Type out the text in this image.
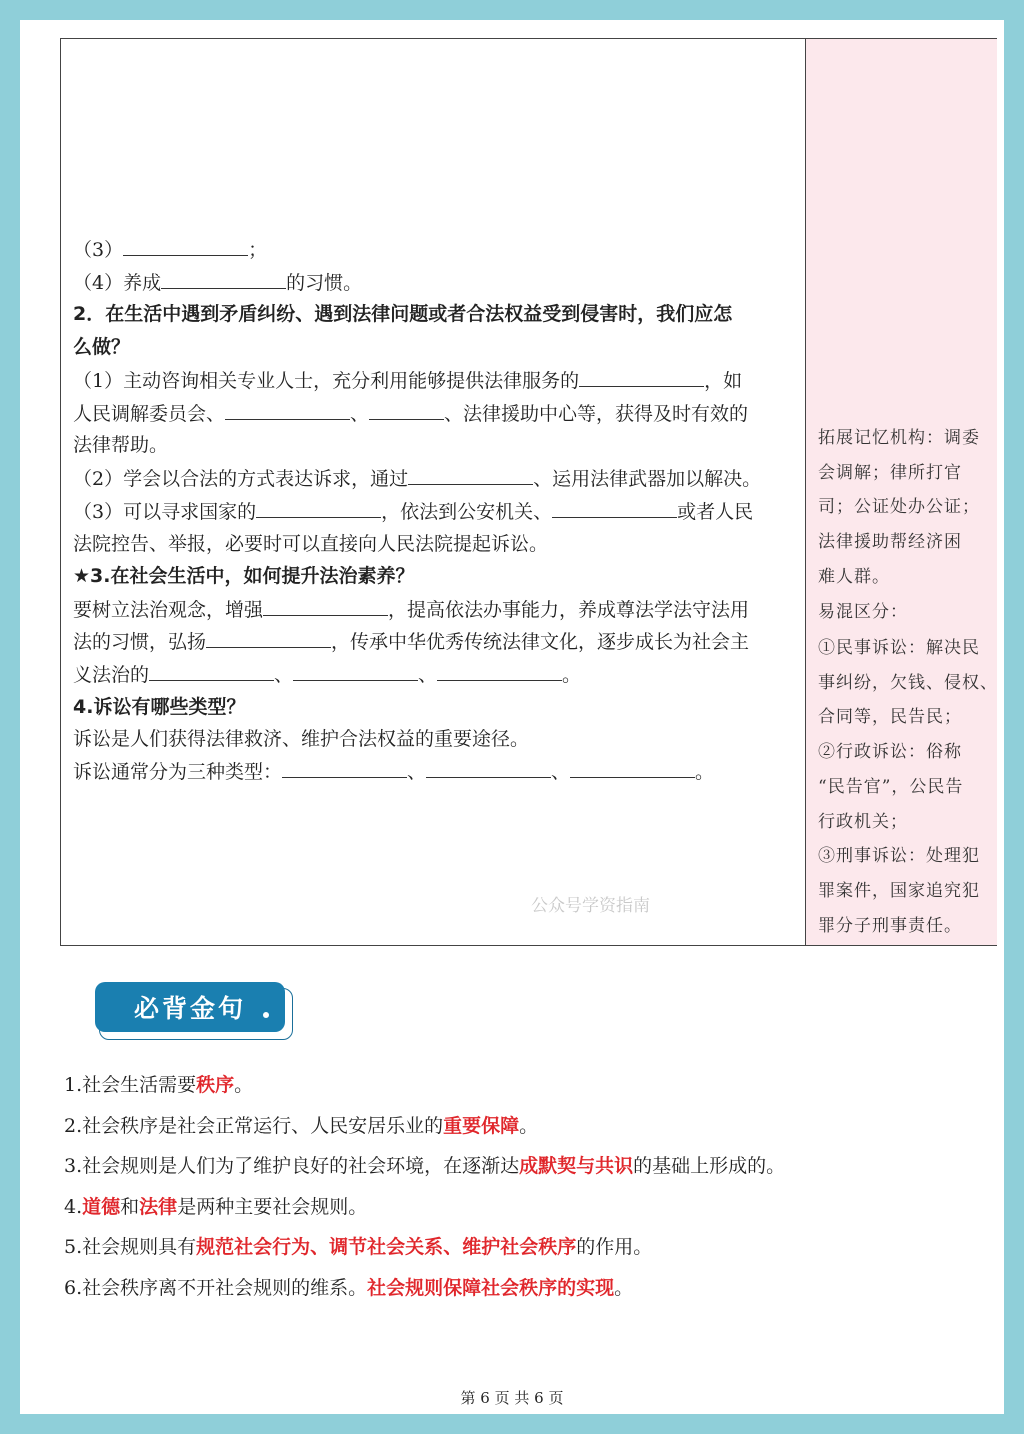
（3）	；
（4）养成	的习惯。
2．在生活中遇到矛盾纠纷、遇到法律问题或者合法权益受到侵害时，我们应怎
么做？
（1）主动咨询相关专业人士，充分利用能够提供法律服务的	，如
人民调解委员会、	、	、法律援助中心等，获得及时有效的
法律帮助。
（2）学会以合法的方式表达诉求，通过	、运用法律武器加以解决。
（3）可以寻求国家的	，依法到公安机关、	或者人民
法院控告、举报，必要时可以直接向人民法院提起诉讼。
★3.在社会生活中，如何提升法治素养？
要树立法治观念，增强	，提高依法办事能力，养成尊法学法守法用
法的习惯，弘扬	，传承中华优秀传统法律文化，逐步成长为社会主
义法治的	、	、	。
4.诉讼有哪些类型？
诉讼是人们获得法律救济、维护合法权益的重要途径。
诉讼通常分为三种类型：	、	、	。
拓展记忆机构：调委
会调解；律所打官
司；公证处办公证；
法律援助帮经济困
难人群。
易混区分：
①民事诉讼：解决民
事纠纷，欠钱、侵权、
合同等，民告民；
②行政诉讼：俗称
“民告官”，公民告
行政机关；
③刑事诉讼：处理犯
罪案件，国家追究犯
罪分子刑事责任。
公众号学资指南
必背金句
1.社会生活需要秩序。
2.社会秩序是社会正常运行、人民安居乐业的重要保障。
3.社会规则是人们为了维护良好的社会环境，在逐渐达成默契与共识的基础上形成的。
4.道德和法律是两种主要社会规则。
5.社会规则具有规范社会行为、调节社会关系、维护社会秩序的作用。
6.社会秩序离不开社会规则的维系。社会规则保障社会秩序的实现。
第 6 页 共 6 页
